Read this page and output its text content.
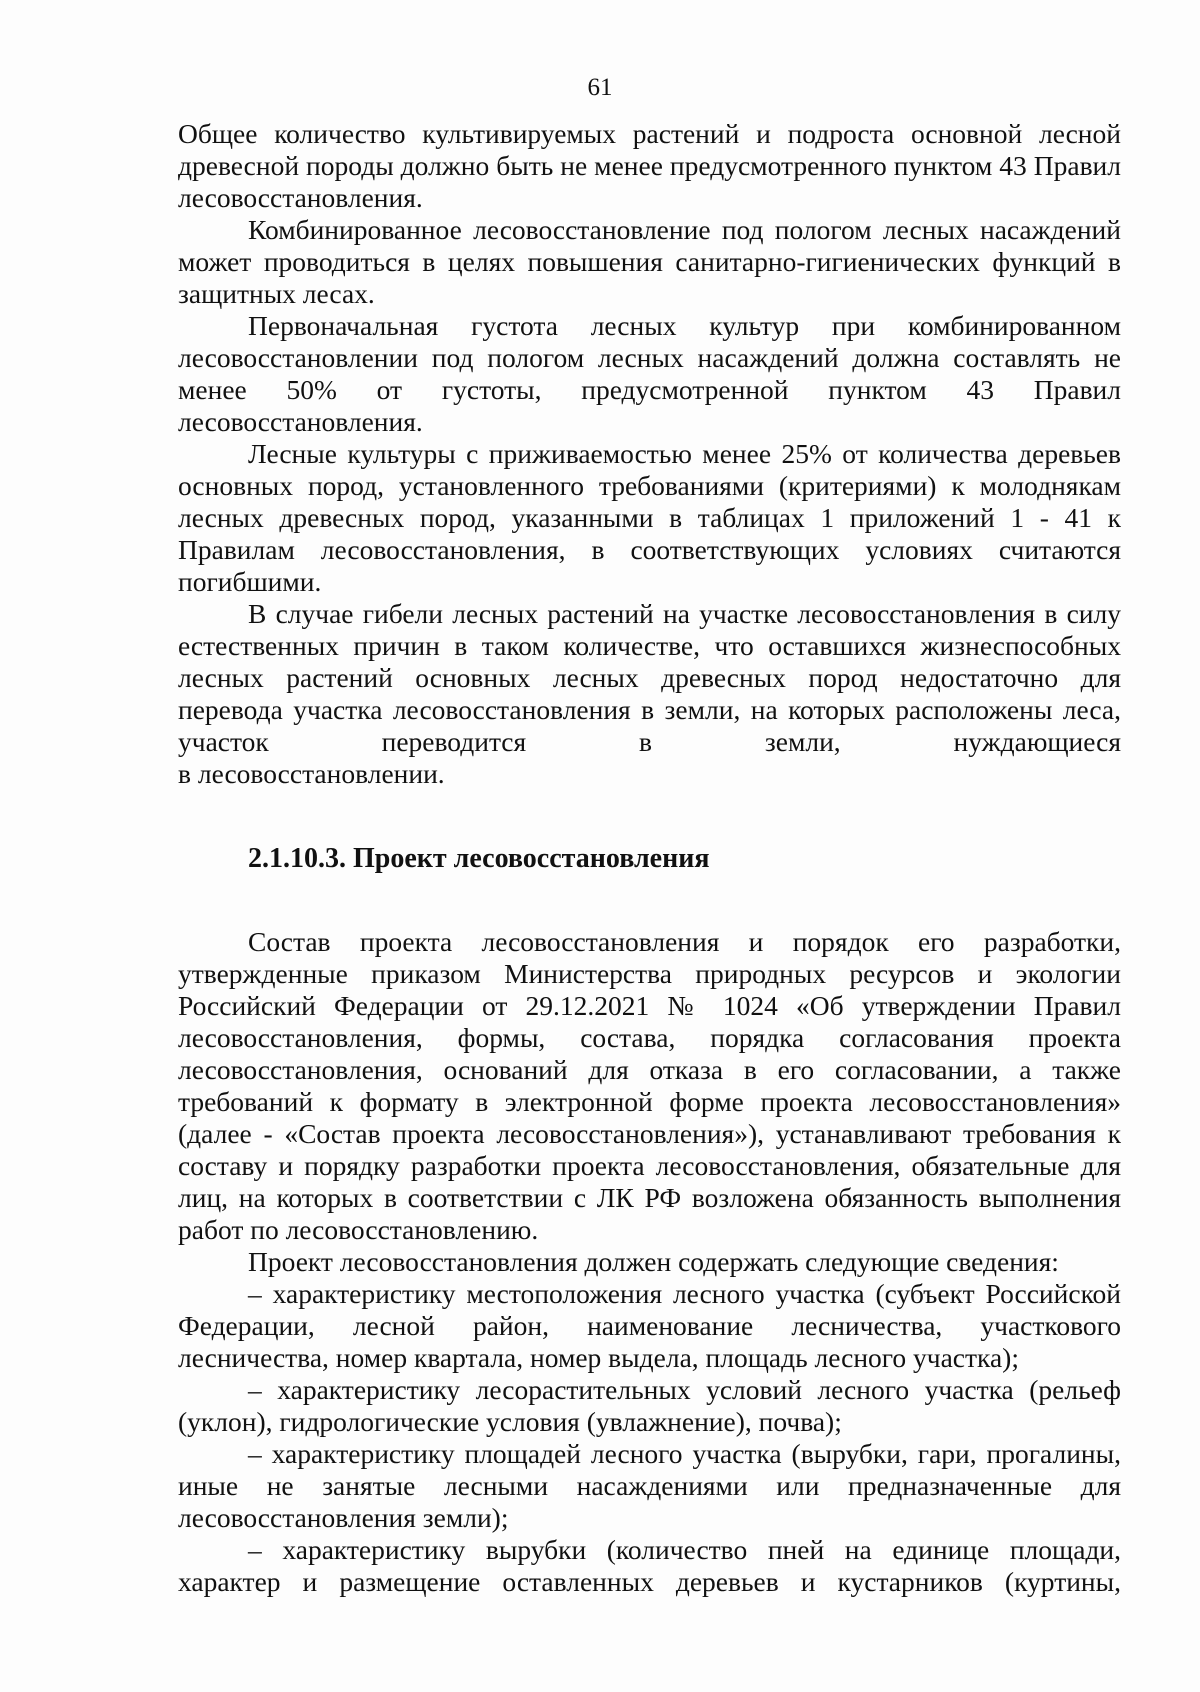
61

Общее количество культивируемых растений и подроста основной лесной древесной породы должно быть не менее предусмотренного пунктом 43 Правил лесовосстановления.

Комбинированное лесовосстановление под пологом лесных насаждений может проводиться в целях повышения санитарно-гигиенических функций в защитных лесах.

Первоначальная густота лесных культур при комбинированном лесовосстановлении под пологом лесных насаждений должна составлять не менее 50% от густоты, предусмотренной пунктом 43 Правил лесовосстановления.

Лесные культуры с приживаемостью менее 25% от количества деревьев основных пород, установленного требованиями (критериями) к молоднякам лесных древесных пород, указанными в таблицах 1 приложений 1 - 41 к Правилам лесовосстановления, в соответствующих условиях считаются погибшими.

В случае гибели лесных растений на участке лесовосстановления в силу естественных причин в таком количестве, что оставшихся жизнеспособных лесных растений основных лесных древесных пород недостаточно для перевода участка лесовосстановления в земли, на которых расположены леса, участок переводится в земли, нуждающиеся

в лесовосстановлении.

2.1.10.3. Проект лесовосстановления

Состав проекта лесовосстановления и порядок его разработки, утвержденные приказом Министерства природных ресурсов и экологии Российский Федерации от 29.12.2021 № 1024 «Об утверждении Правил лесовосстановления, формы, состава, порядка согласования проекта лесовосстановления, оснований для отказа в его согласовании, а также требований к формату в электронной форме проекта лесовосстановления» (далее - «Состав проекта лесовосстановления»), устанавливают требования к составу и порядку разработки проекта лесовосстановления, обязательные для лиц, на которых в соответствии с ЛК РФ возложена обязанность выполнения работ по лесовосстановлению.

Проект лесовосстановления должен содержать следующие сведения:

– характеристику местоположения лесного участка (субъект Российской Федерации, лесной район, наименование лесничества, участкового лесничества, номер квартала, номер выдела, площадь лесного участка);

– характеристику лесорастительных условий лесного участка (рельеф (уклон), гидрологические условия (увлажнение), почва);

– характеристику площадей лесного участка (вырубки, гари, прогалины, иные не занятые лесными насаждениями или предназначенные для лесовосстановления земли);

– характеристику вырубки (количество пней на единице площади, характер и размещение оставленных деревьев и кустарников (куртины,
